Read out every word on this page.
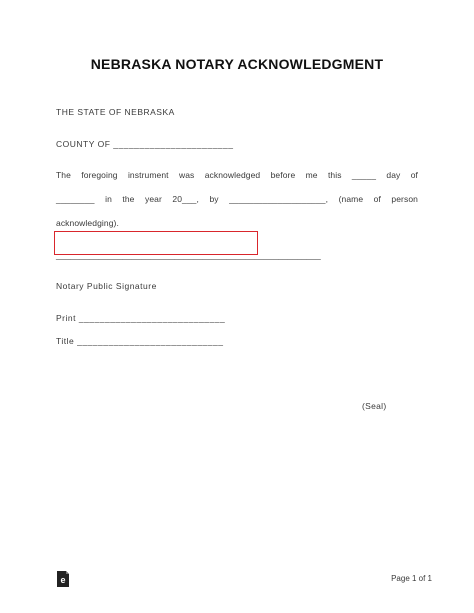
NEBRASKA NOTARY ACKNOWLEDGMENT
THE STATE OF NEBRASKA
COUNTY OF _______________________
The foregoing instrument was acknowledged before me this _____ day of
________ in the year 20___, by ____________________, (name of person
acknowledging).
________________________________________________________
Notary Public Signature
Print ____________________________
Title ____________________________
(Seal)
e	Page 1 of 1
